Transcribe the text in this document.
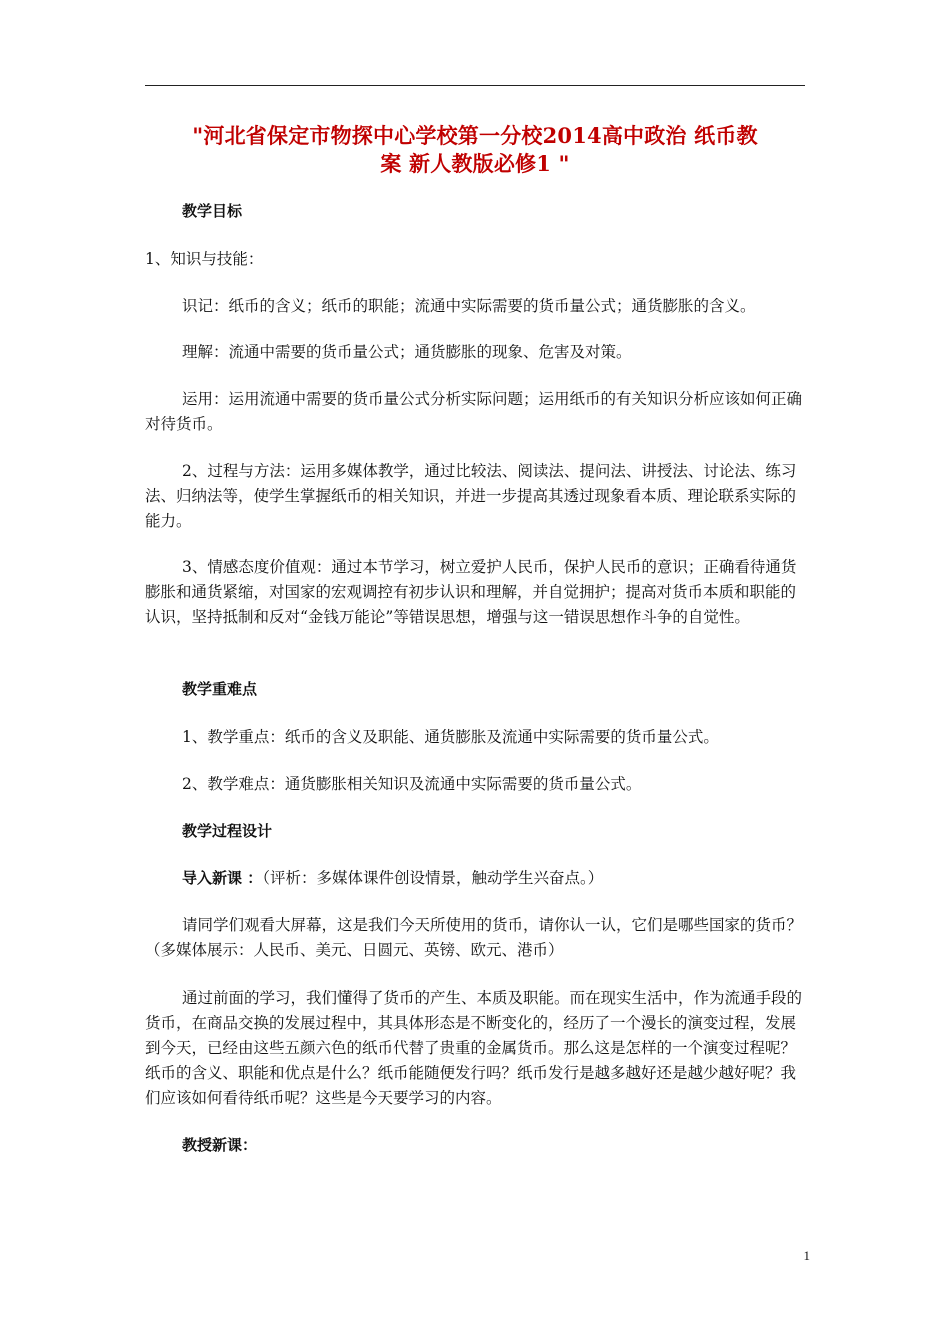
"河北省保定市物探中心学校第一分校2014高中政治 纸币教
案 新人教版必修1 "
教学目标
1、知识与技能：
识记：纸币的含义；纸币的职能；流通中实际需要的货币量公式；通货膨胀的含义。
理解：流通中需要的货币量公式；通货膨胀的现象、危害及对策。
运用：运用流通中需要的货币量公式分析实际问题；运用纸币的有关知识分析应该如何正确对待货币。
2、过程与方法：运用多媒体教学，通过比较法、阅读法、提问法、讲授法、讨论法、练习法、归纳法等，使学生掌握纸币的相关知识，并进一步提高其透过现象看本质、理论联系实际的能力。
3、情感态度价值观：通过本节学习，树立爱护人民币，保护人民币的意识；正确看待通货膨胀和通货紧缩，对国家的宏观调控有初步认识和理解，并自觉拥护；提高对货币本质和职能的认识，坚持抵制和反对“金钱万能论”等错误思想，增强与这一错误思想作斗争的自觉性。
教学重难点
1、教学重点：纸币的含义及职能、通货膨胀及流通中实际需要的货币量公式。
2、教学难点：通货膨胀相关知识及流通中实际需要的货币量公式。
教学过程设计
导入新课 ：（评析：多媒体课件创设情景，触动学生兴奋点。）
请同学们观看大屏幕，这是我们今天所使用的货币，请你认一认，它们是哪些国家的货币？（多媒体展示：人民币、美元、日圆元、英镑、欧元、港币）
通过前面的学习，我们懂得了货币的产生、本质及职能。而在现实生活中，作为流通手段的货币，在商品交换的发展过程中，其具体形态是不断变化的，经历了一个漫长的演变过程，发展到今天，已经由这些五颜六色的纸币代替了贵重的金属货币。那么这是怎样的一个演变过程呢？纸币的含义、职能和优点是什么？纸币能随便发行吗？纸币发行是越多越好还是越少越好呢？我们应该如何看待纸币呢？这些是今天要学习的内容。
教授新课：
1
